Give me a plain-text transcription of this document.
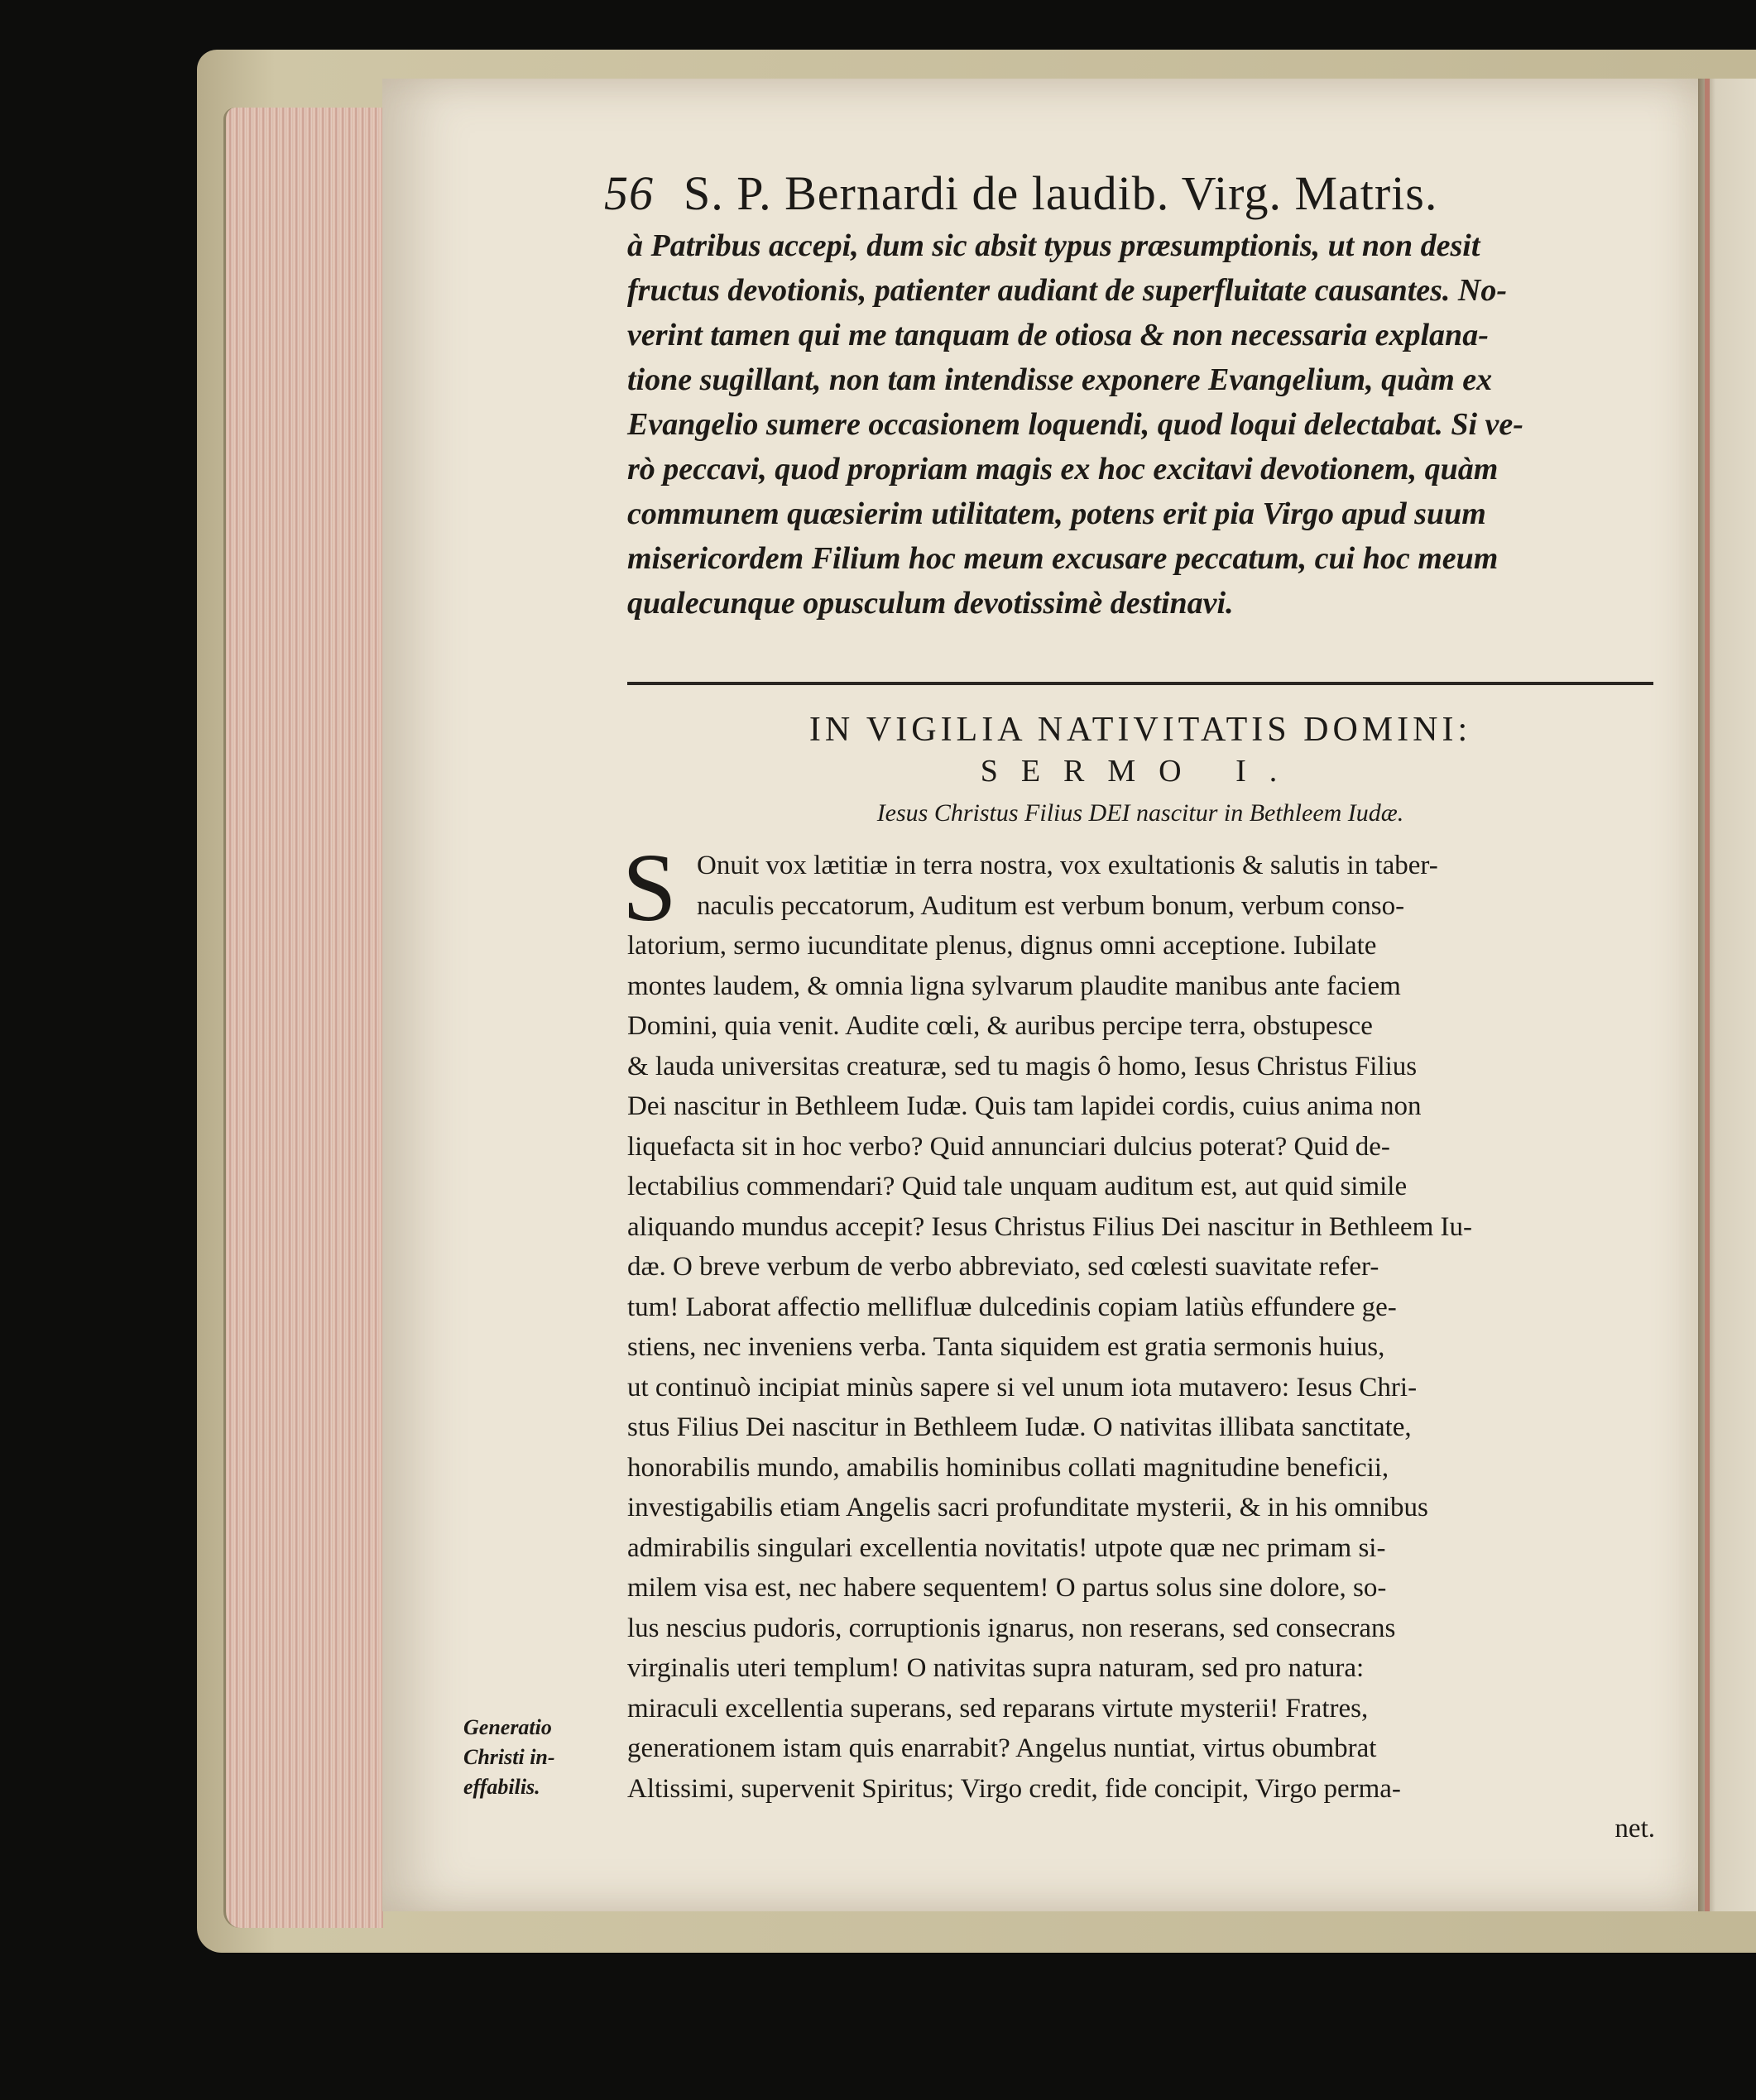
56 S. P. Bernardi de laudib. Virg. Matris.
à Patribus accepi, dum sic absit typus præsumptionis, ut non desit
fructus devotionis, patienter audiant de superfluitate causantes. No-
verint tamen qui me tanquam de otiosa & non necessaria explana-
tione sugillant, non tam intendisse exponere Evangelium, quàm ex
Evangelio sumere occasionem loquendi, quod loqui delectabat. Si ve-
rò peccavi, quod propriam magis ex hoc excitavi devotionem, quàm
communem quæsierim utilitatem, potens erit pia Virgo apud suum
misericordem Filium hoc meum excusare peccatum, cui hoc meum
qualecunque opusculum devotissimè destinavi.
IN VIGILIA NATIVITATIS DOMINI:
SERMO I.
Iesus Christus Filius DEI nascitur in Bethleem Iudæ.
S Onuit vox lætitiæ in terra nostra, vox exultationis & salutis in taber-
naculis peccatorum, Auditum est verbum bonum, verbum conso-
latorium, sermo iucunditate plenus, dignus omni acceptione. Iubilate
montes laudem, & omnia ligna sylvarum plaudite manibus ante faciem
Domini, quia venit. Audite cœli, & auribus percipe terra, obstupesce
& lauda universitas creaturæ, sed tu magis ô homo, Iesus Christus Filius
Dei nascitur in Bethleem Iudæ. Quis tam lapidei cordis, cuius anima non
liquefacta sit in hoc verbo? Quid annunciari dulcius poterat? Quid de-
lectabilius commendari? Quid tale unquam auditum est, aut quid simile
aliquando mundus accepit? Iesus Christus Filius Dei nascitur in Bethleem Iu-
dæ. O breve verbum de verbo abbreviato, sed cœlesti suavitate refer-
tum! Laborat affectio mellifluæ dulcedinis copiam latiùs effundere ge-
stiens, nec inveniens verba. Tanta siquidem est gratia sermonis huius,
ut continuò incipiat minùs sapere si vel unum iota mutavero: Iesus Chri-
stus Filius Dei nascitur in Bethleem Iudæ. O nativitas illibata sanctitate,
honorabilis mundo, amabilis hominibus collati magnitudine beneficii,
investigabilis etiam Angelis sacri profunditate mysterii, & in his omnibus
admirabilis singulari excellentia novitatis! utpote quæ nec primam si-
milem visa est, nec habere sequentem! O partus solus sine dolore, so-
lus nescius pudoris, corruptionis ignarus, non reserans, sed consecrans
virginalis uteri templum! O nativitas supra naturam, sed pro natura:
miraculi excellentia superans, sed reparans virtute mysterii! Fratres,
generationem istam quis enarrabit? Angelus nuntiat, virtus obumbrat
Altissimi, supervenit Spiritus; Virgo credit, fide concipit, Virgo perma-
net.
Generatio
Christi in-
effabilis.
